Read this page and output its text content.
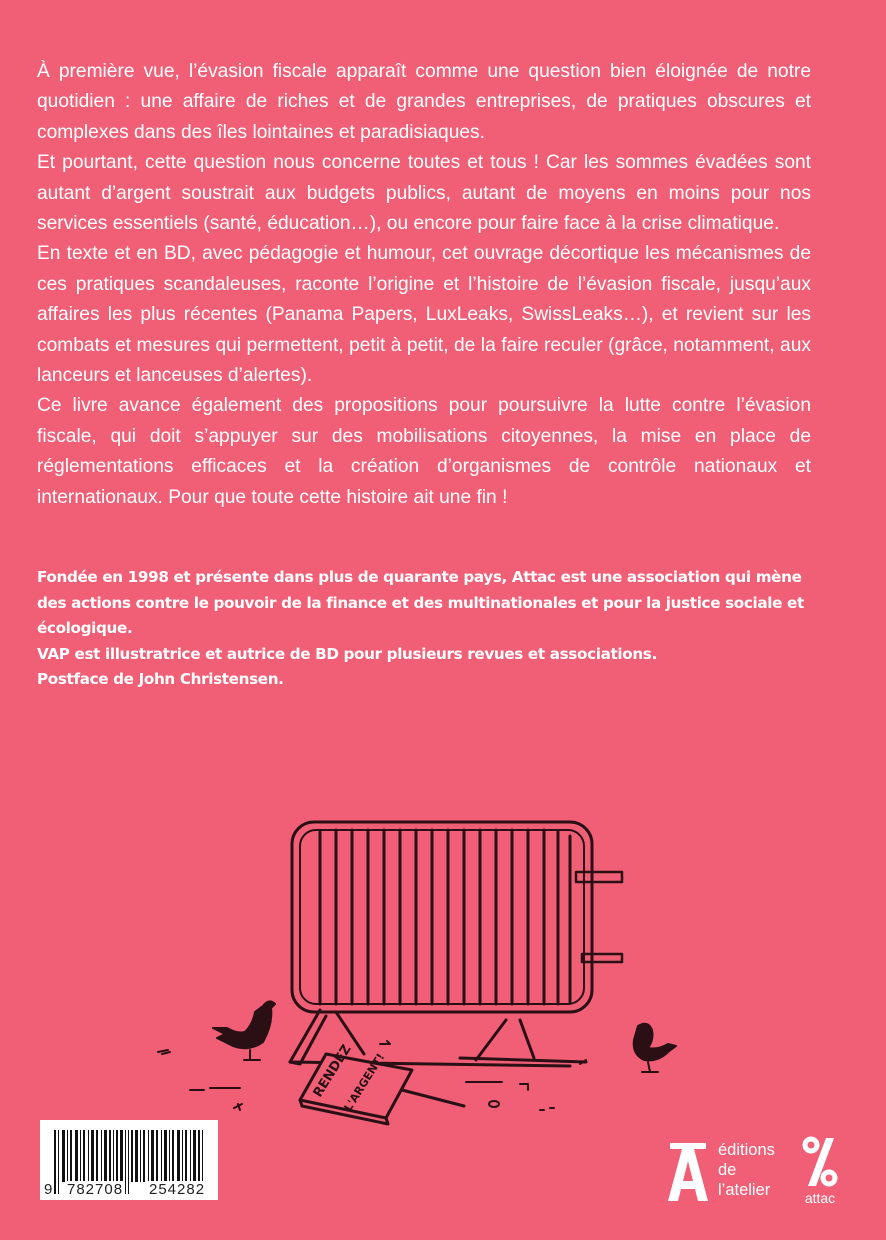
À première vue, l’évasion fiscale apparaît comme une question bien éloignée de notre quotidien : une affaire de riches et de grandes entreprises, de pratiques obscures et complexes dans des îles lointaines et paradisiaques.

Et pourtant, cette question nous concerne toutes et tous ! Car les sommes évadées sont autant d’argent soustrait aux budgets publics, autant de moyens en moins pour nos services essentiels (santé, éducation…), ou encore pour faire face à la crise climatique.

En texte et en BD, avec pédagogie et humour, cet ouvrage décortique les mécanismes de ces pratiques scandaleuses, raconte l’origine et l’histoire de l’évasion fiscale, jusqu’aux affaires les plus récentes (Panama Papers, LuxLeaks, SwissLeaks…), et revient sur les combats et mesures qui permettent, petit à petit, de la faire reculer (grâce, notamment, aux lanceurs et lanceuses d’alertes).

Ce livre avance également des propositions pour poursuivre la lutte contre l’évasion fiscale, qui doit s’appuyer sur des mobilisations citoyennes, la mise en place de réglementations efficaces et la création d’organismes de contrôle nationaux et internationaux. Pour que toute cette histoire ait une fin !

Fondée en 1998 et présente dans plus de quarante pays, Attac est une association qui mène des actions contre le pouvoir de la finance et des multinationales et pour la justice sociale et écologique.

VAP est illustratrice et autrice de BD pour plusieurs revues et associations.

Postface de John Christensen.

RENDEZ
L'ARGENT!
9 782708 254282
éditions
de
l’atelier	attac
